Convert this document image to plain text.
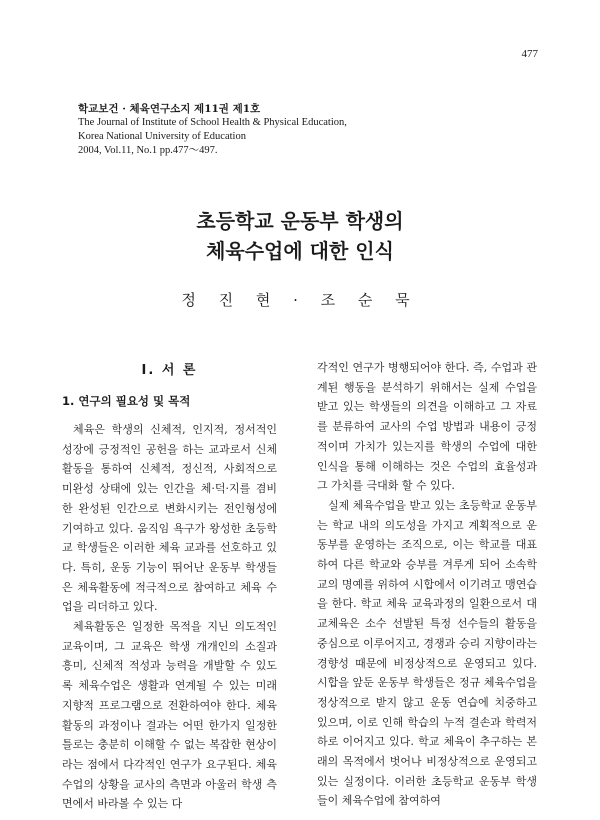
477
학교보건 · 체육연구소지 제11권 제1호
The Journal of Institute of School Health & Physical Education,
Korea National University of Education
2004, Vol.11, No.1 pp.477～497.
초등학교 운동부 학생의
체육수업에 대한 인식
정 진 현 · 조 순 묵
Ⅰ. 서 론
1. 연구의 필요성 및 목적

체육은 학생의 신체적, 인지적, 정서적인 성장에 긍정적인 공헌을 하는 교과로서 신체활동을 통하여 신체적, 정신적, 사회적으로 미완성 상태에 있는 인간을 체·덕·지를 겸비한 완성된 인간으로 변화시키는 전인형성에 기여하고 있다. 움직임 욕구가 왕성한 초등학교 학생들은 이러한 체육 교과를 선호하고 있다. 특히, 운동 기능이 뛰어난 운동부 학생들은 체육활동에 적극적으로 참여하고 체육 수업을 리더하고 있다.

체육활동은 일정한 목적을 지닌 의도적인 교육이며, 그 교육은 학생 개개인의 소질과 흥미, 신체적 적성과 능력을 개발할 수 있도록 체육수업은 생활과 연계될 수 있는 미래 지향적 프로그램으로 전환하여야 한다. 체육활동의 과정이나 결과는 어떤 한가지 일정한 틀로는 충분히 이해할 수 없는 복잡한 현상이라는 점에서 다각적인 연구가 요구된다. 체육수업의 상황을 교사의 측면과 아울러 학생 측면에서 바라볼 수 있는 다

각적인 연구가 병행되어야 한다. 즉, 수업과 관계된 행동을 분석하기 위해서는 실제 수업을 받고 있는 학생들의 의견을 이해하고 그 자료를 분류하여 교사의 수업 방법과 내용이 긍정적이며 가치가 있는지를 학생의 수업에 대한 인식을 통해 이해하는 것은 수업의 효율성과 그 가치를 극대화 할 수 있다.

실제 체육수업을 받고 있는 초등학교 운동부는 학교 내의 의도성을 가지고 계획적으로 운동부를 운영하는 조직으로, 이는 학교를 대표하여 다른 학교와 승부를 겨루게 되어 소속학교의 명예를 위하여 시합에서 이기려고 맹연습을 한다. 학교 체육 교육과정의 일환으로서 대교체육은 소수 선발된 특정 선수들의 활동을 중심으로 이루어지고, 경쟁과 승리 지향이라는 경향성 때문에 비정상적으로 운영되고 있다. 시합을 앞둔 운동부 학생들은 정규 체육수업을 정상적으로 받지 않고 운동 연습에 치중하고 있으며, 이로 인해 학습의 누적 결손과 학력저하로 이어지고 있다. 학교 체육이 추구하는 본래의 목적에서 벗어나 비정상적으로 운영되고 있는 실정이다. 이러한 초등학교 운동부 학생들이 체육수업에 참여하여
